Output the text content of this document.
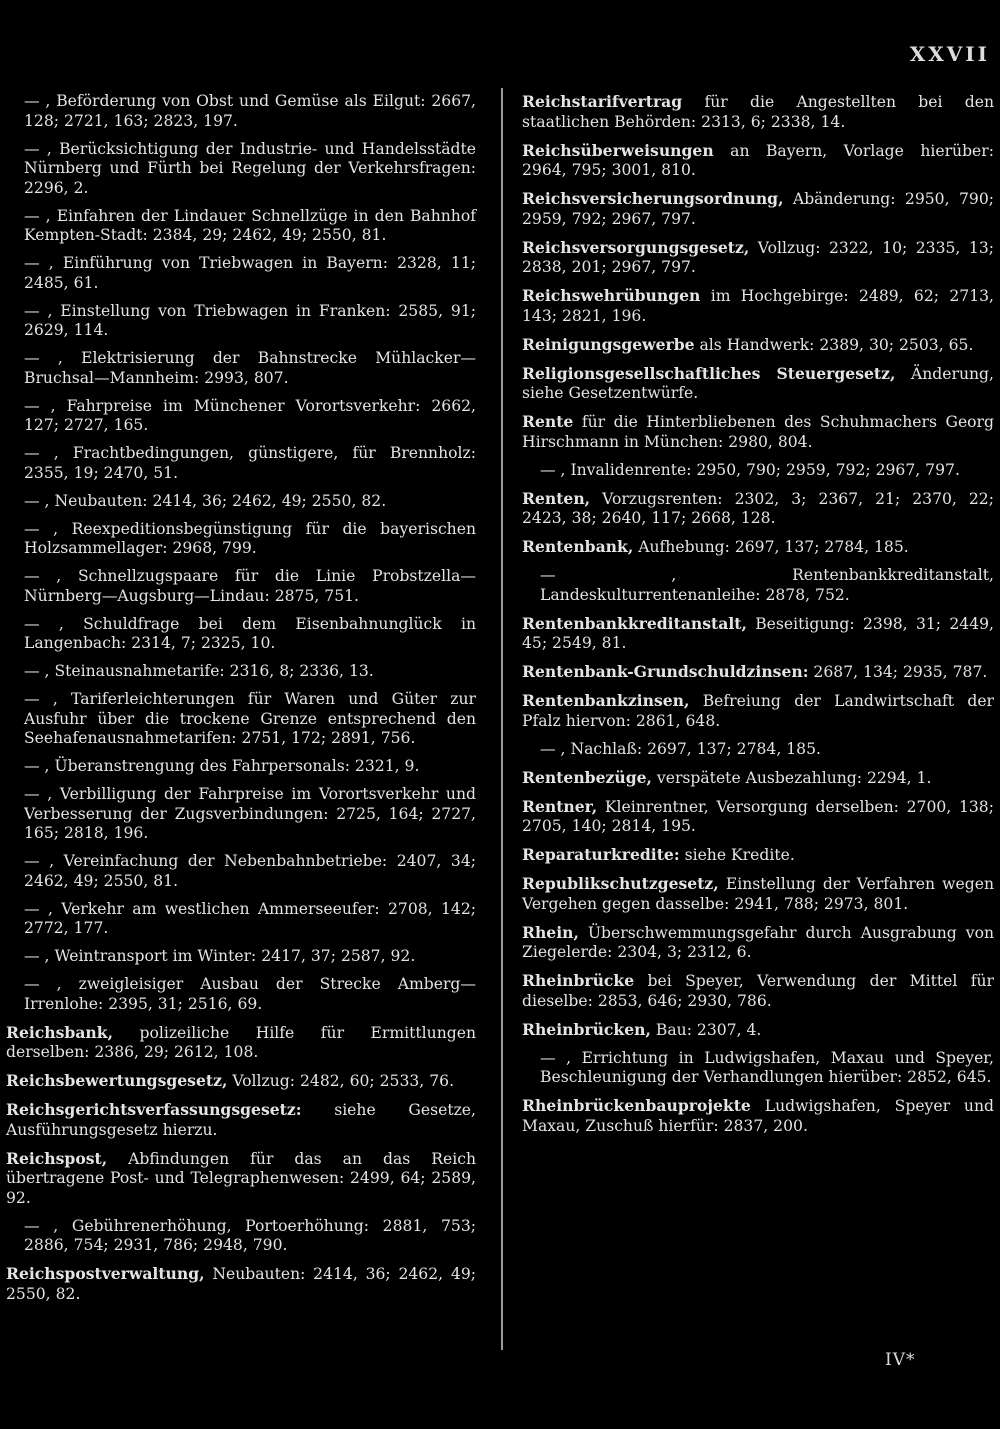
XXVII
— , Beförderung von Obst und Gemüse als Eilgut: 2667, 128; 2721, 163; 2823, 197.
— , Berücksichtigung der Industrie- und Handelsstädte Nürnberg und Fürth bei Regelung der Verkehrsfragen: 2296, 2.
— , Einfahren der Lindauer Schnellzüge in den Bahnhof Kempten-Stadt: 2384, 29; 2462, 49; 2550, 81.
— , Einführung von Triebwagen in Bayern: 2328, 11; 2485, 61.
— , Einstellung von Triebwagen in Franken: 2585, 91; 2629, 114.
— , Elektrisierung der Bahnstrecke Mühlacker—Bruchsal—Mannheim: 2993, 807.
— , Fahrpreise im Münchener Vorortsverkehr: 2662, 127; 2727, 165.
— , Frachtbedingungen, günstigere, für Brennholz: 2355, 19; 2470, 51.
— , Neubauten: 2414, 36; 2462, 49; 2550, 82.
— , Reexpeditionsbegünstigung für die bayerischen Holzsammellager: 2968, 799.
— , Schnellzugspaare für die Linie Probstzella—Nürnberg—Augsburg—Lindau: 2875, 751.
— , Schuldfrage bei dem Eisenbahnunglück in Langenbach: 2314, 7; 2325, 10.
— , Steinausnahmetarife: 2316, 8; 2336, 13.
— , Tariferleichterungen für Waren und Güter zur Ausfuhr über die trockene Grenze entsprechend den Seehafenausnahmetarifen: 2751, 172; 2891, 756.
— , Überanstrengung des Fahrpersonals: 2321, 9.
— , Verbilligung der Fahrpreise im Vorortsverkehr und Verbesserung der Zugsverbindungen: 2725, 164; 2727, 165; 2818, 196.
— , Vereinfachung der Nebenbahnbetriebe: 2407, 34; 2462, 49; 2550, 81.
— , Verkehr am westlichen Ammerseeufer: 2708, 142; 2772, 177.
— , Weintransport im Winter: 2417, 37; 2587, 92.
— , zweigleisiger Ausbau der Strecke Amberg—Irrenlohe: 2395, 31; 2516, 69.
Reichsbank, polizeiliche Hilfe für Ermittlungen derselben: 2386, 29; 2612, 108.
Reichsbewertungsgesetz, Vollzug: 2482, 60; 2533, 76.
Reichsgerichtsverfassungsgesetz: siehe Gesetze, Ausführungsgesetz hierzu.
Reichspost, Abfindungen für das an das Reich übertragene Post- und Telegraphenwesen: 2499, 64; 2589, 92.
— , Gebührenerhöhung, Portoerhöhung: 2881, 753; 2886, 754; 2931, 786; 2948, 790.
Reichspostverwaltung, Neubauten: 2414, 36; 2462, 49; 2550, 82.
Reichstarifvertrag für die Angestellten bei den staatlichen Behörden: 2313, 6; 2338, 14.
Reichsüberweisungen an Bayern, Vorlage hierüber: 2964, 795; 3001, 810.
Reichsversicherungsordnung, Abänderung: 2950, 790; 2959, 792; 2967, 797.
Reichsversorgungsgesetz, Vollzug: 2322, 10; 2335, 13; 2838, 201; 2967, 797.
Reichswehrübungen im Hochgebirge: 2489, 62; 2713, 143; 2821, 196.
Reinigungsgewerbe als Handwerk: 2389, 30; 2503, 65.
Religionsgesellschaftliches Steuergesetz, Änderung, siehe Gesetzentwürfe.
Rente für die Hinterbliebenen des Schuhmachers Georg Hirschmann in München: 2980, 804.
— , Invalidenrente: 2950, 790; 2959, 792; 2967, 797.
Renten, Vorzugsrenten: 2302, 3; 2367, 21; 2370, 22; 2423, 38; 2640, 117; 2668, 128.
Rentenbank, Aufhebung: 2697, 137; 2784, 185.
— , Rentenbankkreditanstalt, Landeskulturrentenanleihe: 2878, 752.
Rentenbankkreditanstalt, Beseitigung: 2398, 31; 2449, 45; 2549, 81.
Rentenbank-Grundschuldzinsen: 2687, 134; 2935, 787.
Rentenbankzinsen, Befreiung der Landwirtschaft der Pfalz hiervon: 2861, 648.
— , Nachlaß: 2697, 137; 2784, 185.
Rentenbezüge, verspätete Ausbezahlung: 2294, 1.
Rentner, Kleinrentner, Versorgung derselben: 2700, 138; 2705, 140; 2814, 195.
Reparaturkredite: siehe Kredite.
Republikschutzgesetz, Einstellung der Verfahren wegen Vergehen gegen dasselbe: 2941, 788; 2973, 801.
Rhein, Überschwemmungsgefahr durch Ausgrabung von Ziegelerde: 2304, 3; 2312, 6.
Rheinbrücke bei Speyer, Verwendung der Mittel für dieselbe: 2853, 646; 2930, 786.
Rheinbrücken, Bau: 2307, 4.
— , Errichtung in Ludwigshafen, Maxau und Speyer, Beschleunigung der Verhandlungen hierüber: 2852, 645.
Rheinbrückenbauprojekte Ludwigshafen, Speyer und Maxau, Zuschuß hierfür: 2837, 200.
IV*
